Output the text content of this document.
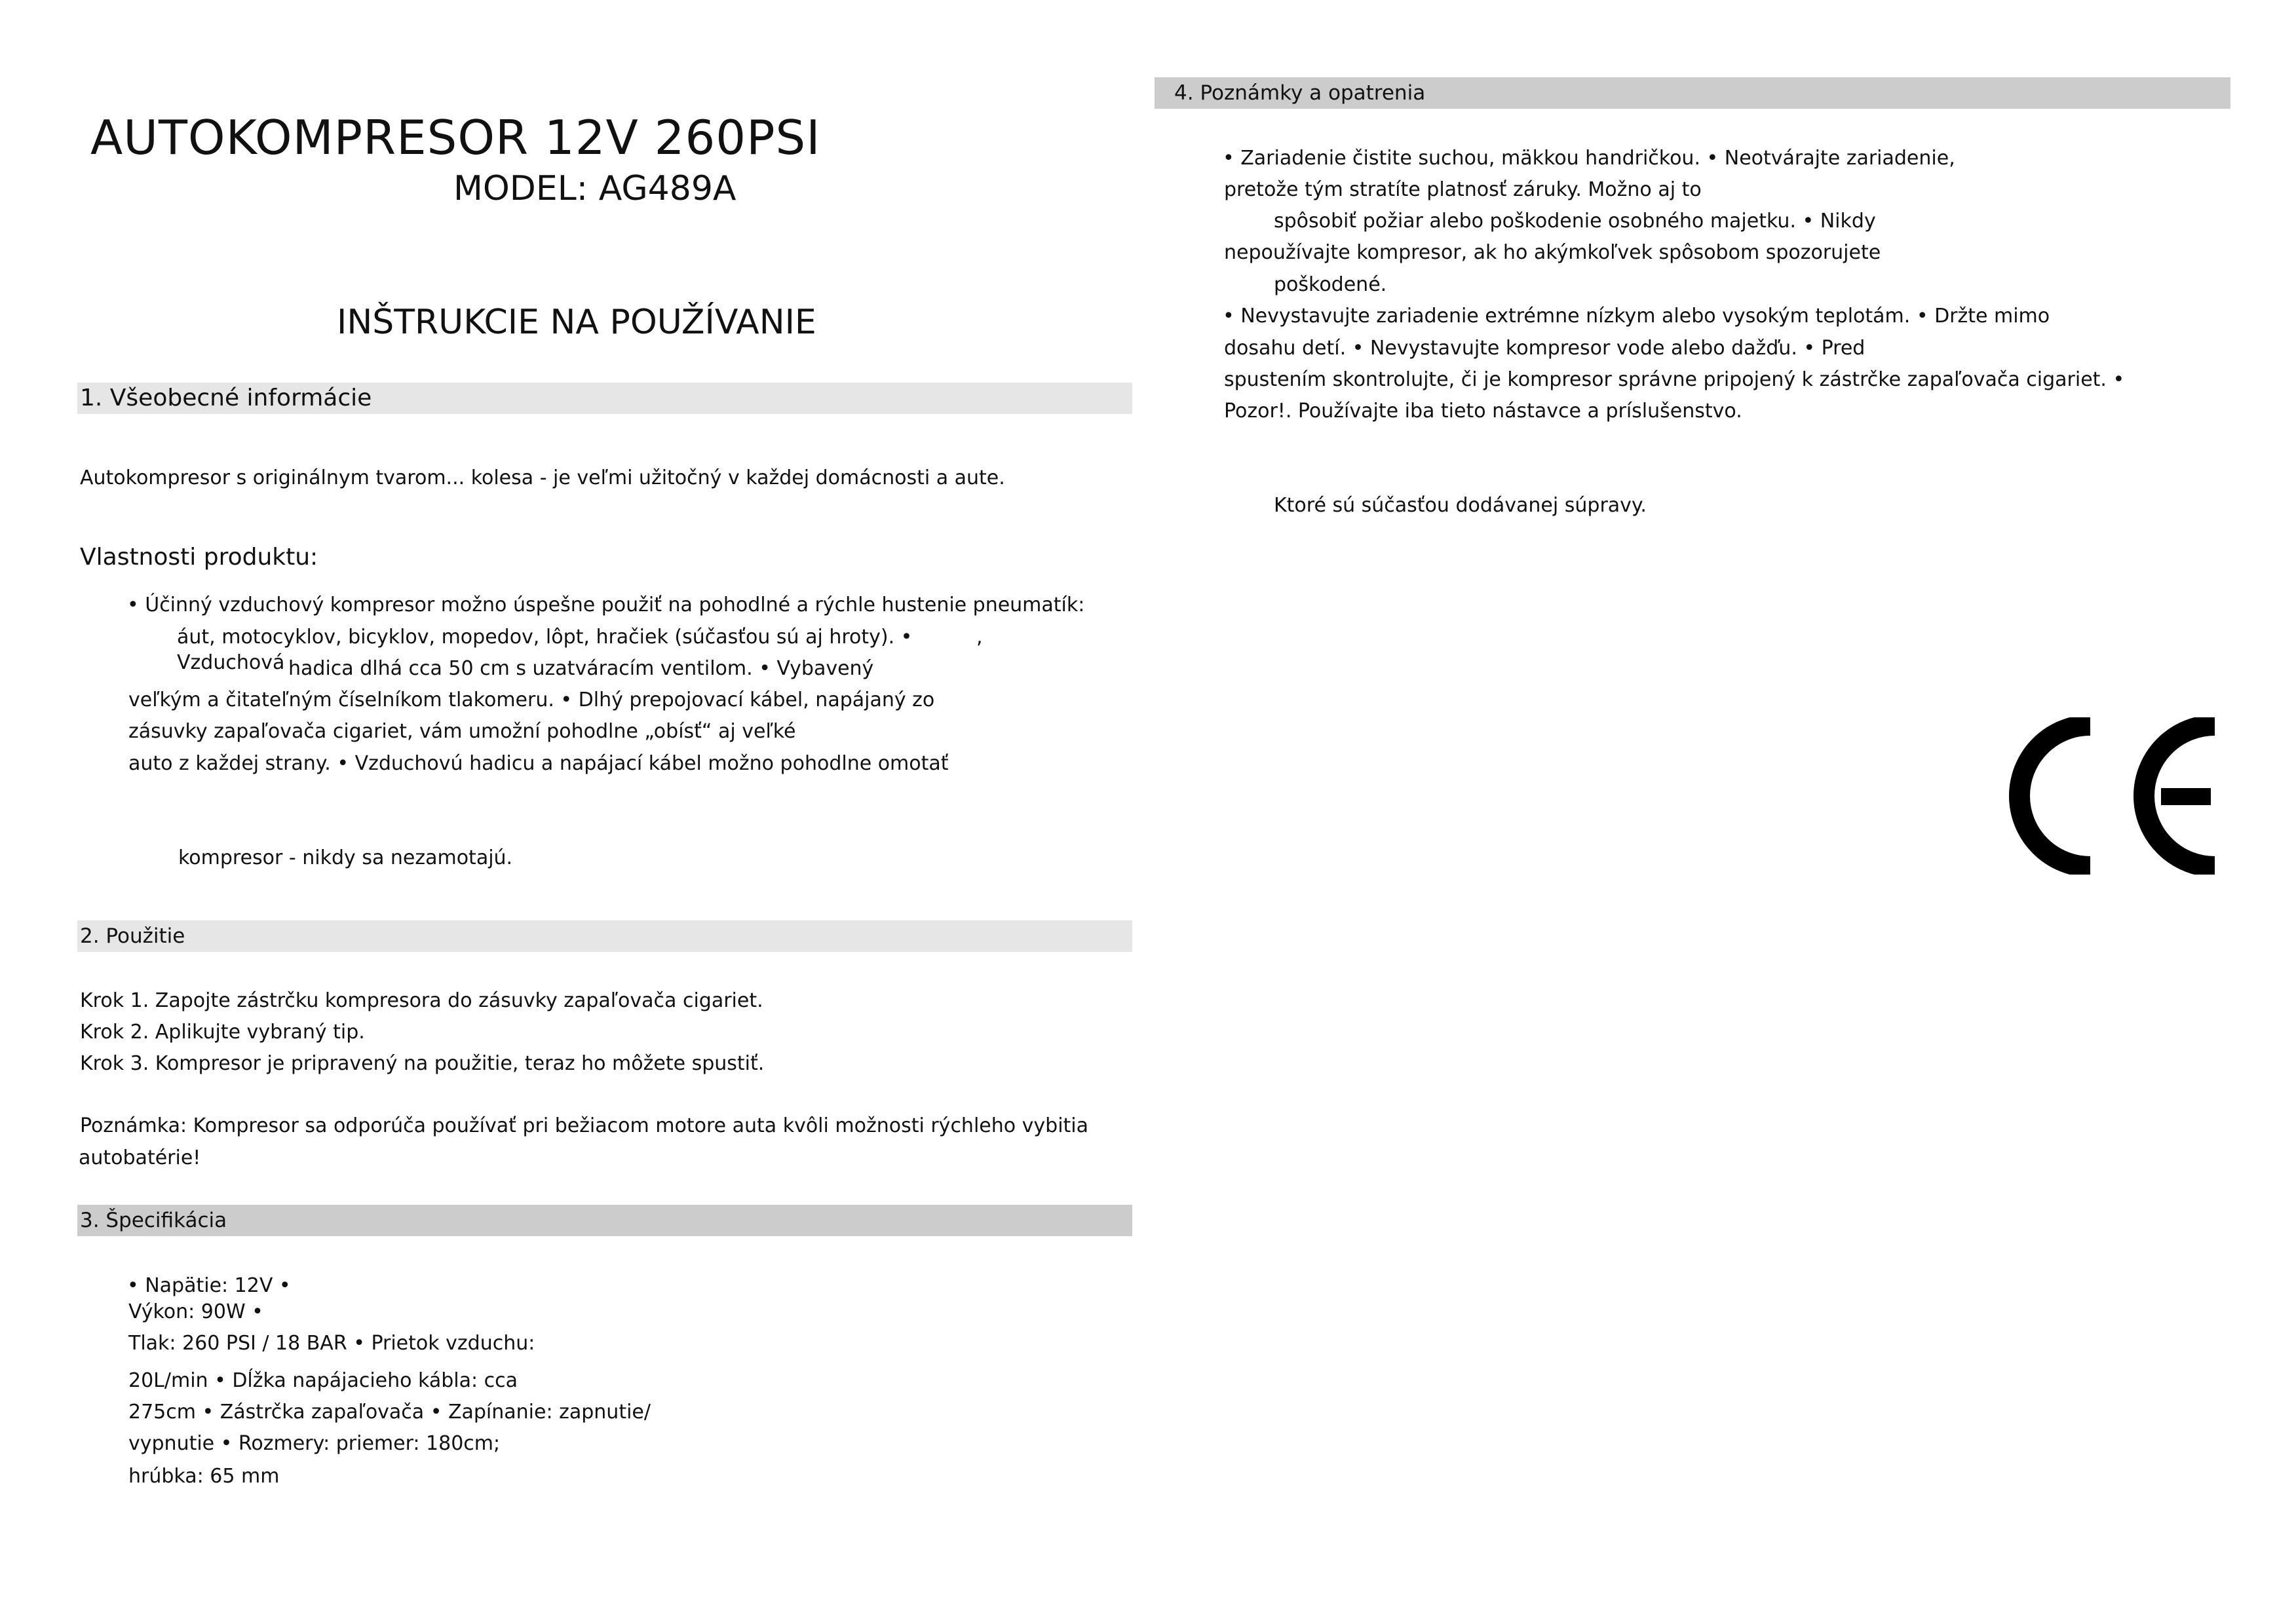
AUTOKOMPRESOR 12V 260PSI
MODEL: AG489A
INŠTRUKCIE NA POUŽÍVANIE
1. Všeobecné informácie
Autokompresor s originálnym tvarom... kolesa - je veľmi užitočný v každej domácnosti a aute.
Vlastnosti produktu:
• Účinný vzduchový kompresor možno úspešne použiť na pohodlné a rýchle hustenie pneumatík:
áut, motocyklov, bicyklov, mopedov, lôpt, hračiek (súčasťou sú aj hroty). •	,
Vzduchová hadica dlhá cca 50 cm s uzatváracím ventilom. • Vybavený
veľkým a čitateľným číselníkom tlakomeru. • Dlhý prepojovací kábel, napájaný zo
zásuvky zapaľovača cigariet, vám umožní pohodlne „obísť“ aj veľké
auto z každej strany. • Vzduchovú hadicu a napájací kábel možno pohodlne omotať
kompresor - nikdy sa nezamotajú.
2. Použitie
Krok 1. Zapojte zástrčku kompresora do zásuvky zapaľovača cigariet.
Krok 2. Aplikujte vybraný tip.
Krok 3. Kompresor je pripravený na použitie, teraz ho môžete spustiť.
Poznámka: Kompresor sa odporúča používať pri bežiacom motore auta kvôli možnosti rýchleho vybitia
autobatérie!
3. Špecifikácia
• Napätie: 12V •
Výkon: 90W •
Tlak: 260 PSI / 18 BAR • Prietok vzduchu:
20L/min • Dĺžka napájacieho kábla: cca
275cm • Zástrčka zapaľovača • Zapínanie: zapnutie/
vypnutie • Rozmery: priemer: 180cm;
hrúbka: 65 mm
4. Poznámky a opatrenia
• Zariadenie čistite suchou, mäkkou handričkou. • Neotvárajte zariadenie,
pretože tým stratíte platnosť záruky. Možno aj to
spôsobiť požiar alebo poškodenie osobného majetku. • Nikdy
nepoužívajte kompresor, ak ho akýmkoľvek spôsobom spozorujete
poškodené.
• Nevystavujte zariadenie extrémne nízkym alebo vysokým teplotám. • Držte mimo
dosahu detí. • Nevystavujte kompresor vode alebo dažďu. • Pred
spustením skontrolujte, či je kompresor správne pripojený k zástrčke zapaľovača cigariet. •
Pozor!. Používajte iba tieto nástavce a príslušenstvo.
Ktoré sú súčasťou dodávanej súpravy.
